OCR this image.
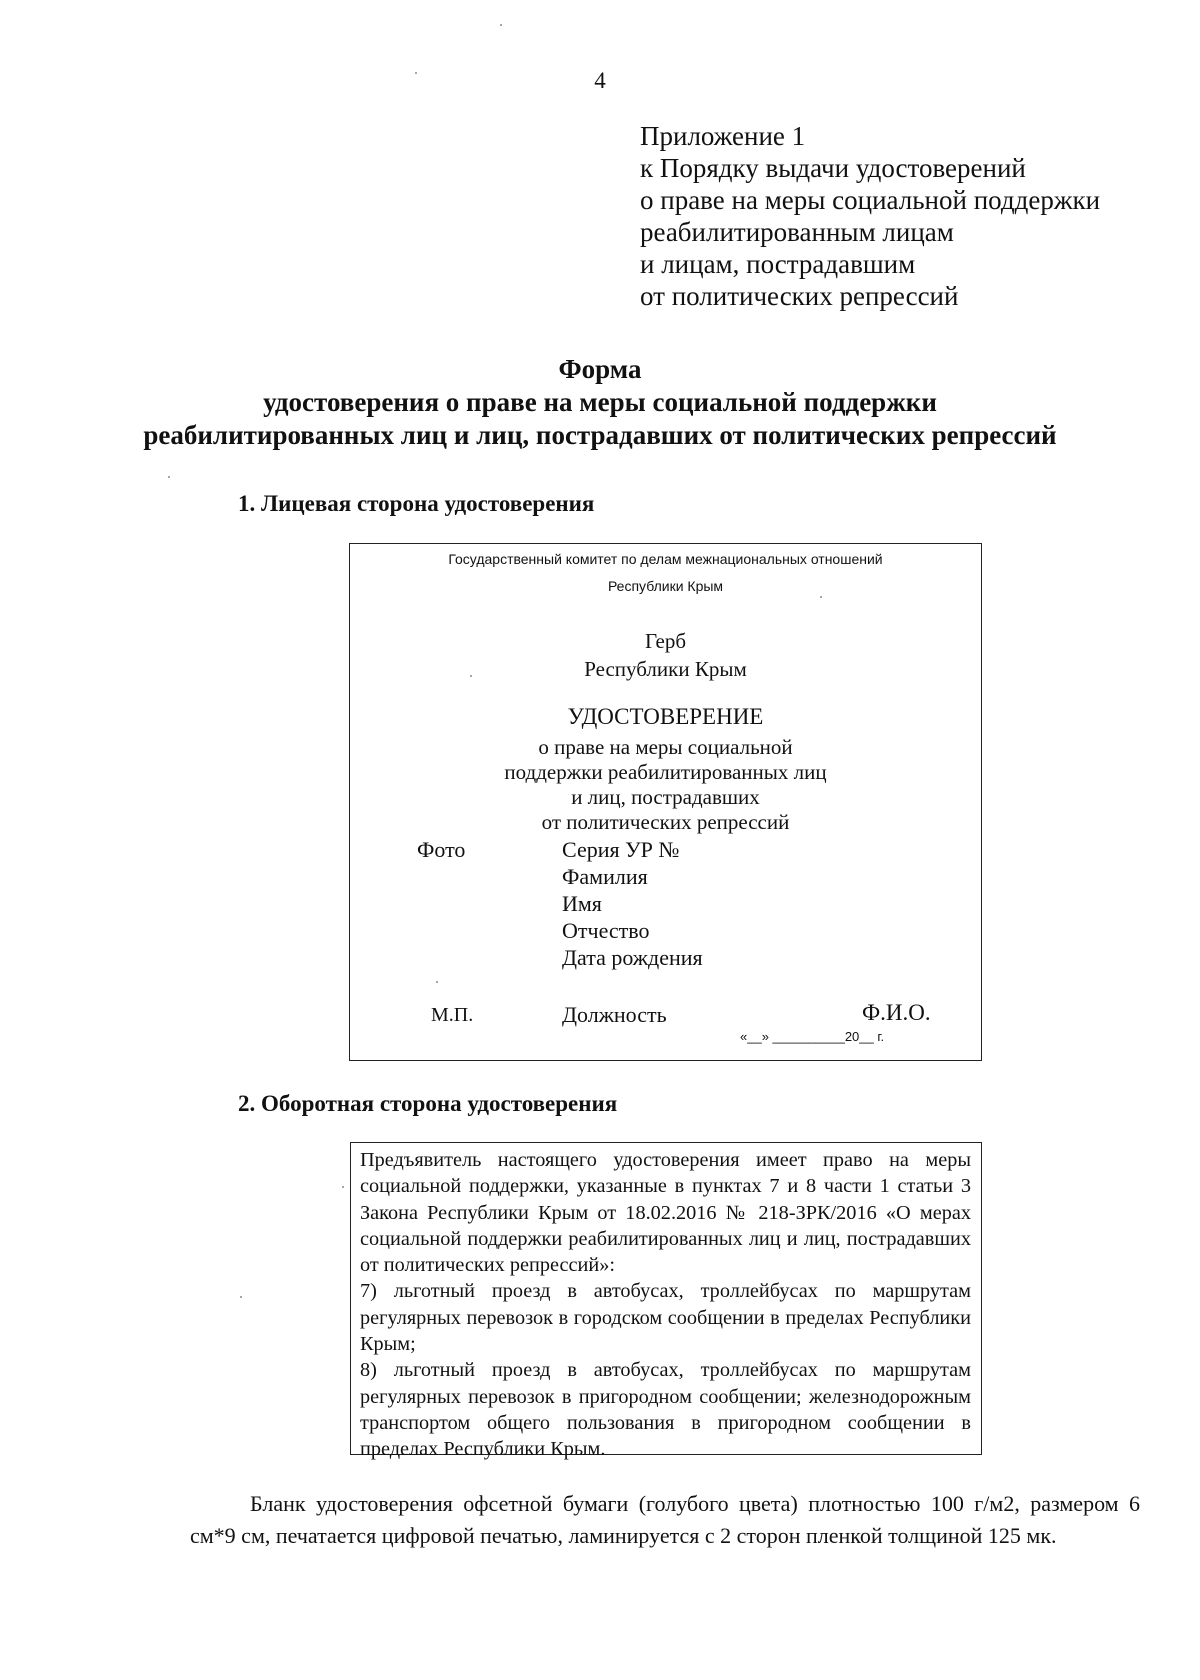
4
Приложение 1
к Порядку выдачи удостоверений
о праве на меры социальной поддержки
реабилитированным лицам
и лицам, пострадавшим
от политических репрессий
Форма
удостоверения о праве на меры социальной поддержки
реабилитированных лиц и лиц, пострадавших от политических репрессий
1. Лицевая сторона удостоверения
Государственный комитет по делам межнациональных отношений
Республики Крым
Герб
Республики Крым
УДОСТОВЕРЕНИЕ
о праве на меры социальной
поддержки реабилитированных лиц
и лиц, пострадавших
от политических репрессий
Фото	Серия УР №
Фамилия
Имя
Отчество
Дата рождения
М.П.	Должность	Ф.И.О.
«__» __________20__ г.
2. Оборотная сторона удостоверения

Предъявитель настоящего удостоверения имеет право на меры социальной поддержки, указанные в пунктах 7 и 8 части 1 статьи 3 Закона Республики Крым от 18.02.2016 № 218-ЗРК/2016 «О мерах социальной поддержки реабилитированных лиц и лиц, пострадавших от политических репрессий»:

7) льготный проезд в автобусах, троллейбусах по маршрутам регулярных перевозок в городском сообщении в пределах Республики Крым;

8) льготный проезд в автобусах, троллейбусах по маршрутам регулярных перевозок в пригородном сообщении; железнодорожным транспортом общего пользования в пригородном сообщении в пределах Республики Крым.

Бланк удостоверения офсетной бумаги (голубого цвета) плотностью 100 г/м2, размером 6 см*9 см, печатается цифровой печатью, ламинируется с 2 сторон пленкой толщиной 125 мк.
